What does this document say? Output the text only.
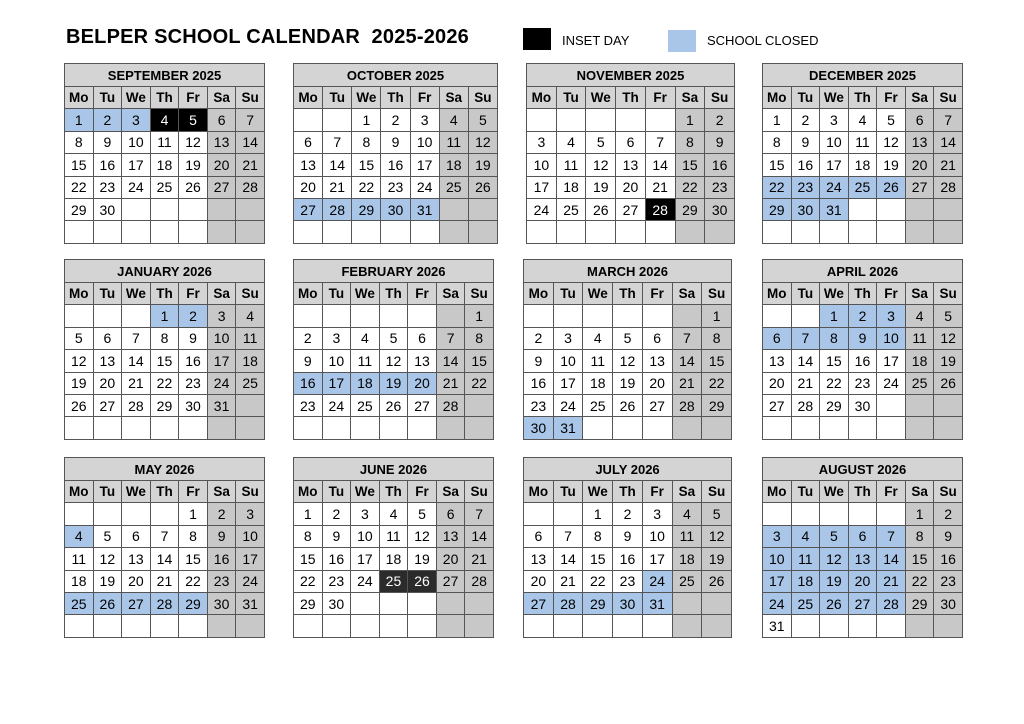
BELPER SCHOOL CALENDAR  2025-2026	INSET DAY	SCHOOL CLOSED
SEPTEMBER 2025						
Mo	Tu	We	Th	Fr	Sa	Su
1	2	3	4	5	6	7
8	9	10	11	12	13	14
15	16	17	18	19	20	21
22	23	24	25	26	27	28
29	30					

OCTOBER 2025						
Mo	Tu	We	Th	Fr	Sa	Su
		1	2	3	4	5
6	7	8	9	10	11	12
13	14	15	16	17	18	19
20	21	22	23	24	25	26
27	28	29	30	31		

NOVEMBER 2025						
Mo	Tu	We	Th	Fr	Sa	Su
					1	2
3	4	5	6	7	8	9
10	11	12	13	14	15	16
17	18	19	20	21	22	23
24	25	26	27	28	29	30

DECEMBER 2025						
Mo	Tu	We	Th	Fr	Sa	Su
1	2	3	4	5	6	7
8	9	10	11	12	13	14
15	16	17	18	19	20	21
22	23	24	25	26	27	28
29	30	31				

JANUARY 2026						
Mo	Tu	We	Th	Fr	Sa	Su
			1	2	3	4
5	6	7	8	9	10	11
12	13	14	15	16	17	18
19	20	21	22	23	24	25
26	27	28	29	30	31	

FEBRUARY 2026						
Mo	Tu	We	Th	Fr	Sa	Su
						1
2	3	4	5	6	7	8
9	10	11	12	13	14	15
16	17	18	19	20	21	22
23	24	25	26	27	28	

MARCH 2026						
Mo	Tu	We	Th	Fr	Sa	Su
						1
2	3	4	5	6	7	8
9	10	11	12	13	14	15
16	17	18	19	20	21	22
23	24	25	26	27	28	29
30	31					
APRIL 2026						
Mo	Tu	We	Th	Fr	Sa	Su
		1	2	3	4	5
6	7	8	9	10	11	12
13	14	15	16	17	18	19
20	21	22	23	24	25	26
27	28	29	30			

MAY 2026						
Mo	Tu	We	Th	Fr	Sa	Su
				1	2	3
4	5	6	7	8	9	10
11	12	13	14	15	16	17
18	19	20	21	22	23	24
25	26	27	28	29	30	31

JUNE 2026						
Mo	Tu	We	Th	Fr	Sa	Su
1	2	3	4	5	6	7
8	9	10	11	12	13	14
15	16	17	18	19	20	21
22	23	24	25	26	27	28
29	30					

JULY 2026						
Mo	Tu	We	Th	Fr	Sa	Su
		1	2	3	4	5
6	7	8	9	10	11	12
13	14	15	16	17	18	19
20	21	22	23	24	25	26
27	28	29	30	31		

AUGUST 2026						
Mo	Tu	We	Th	Fr	Sa	Su
					1	2
3	4	5	6	7	8	9
10	11	12	13	14	15	16
17	18	19	20	21	22	23
24	25	26	27	28	29	30
31						
